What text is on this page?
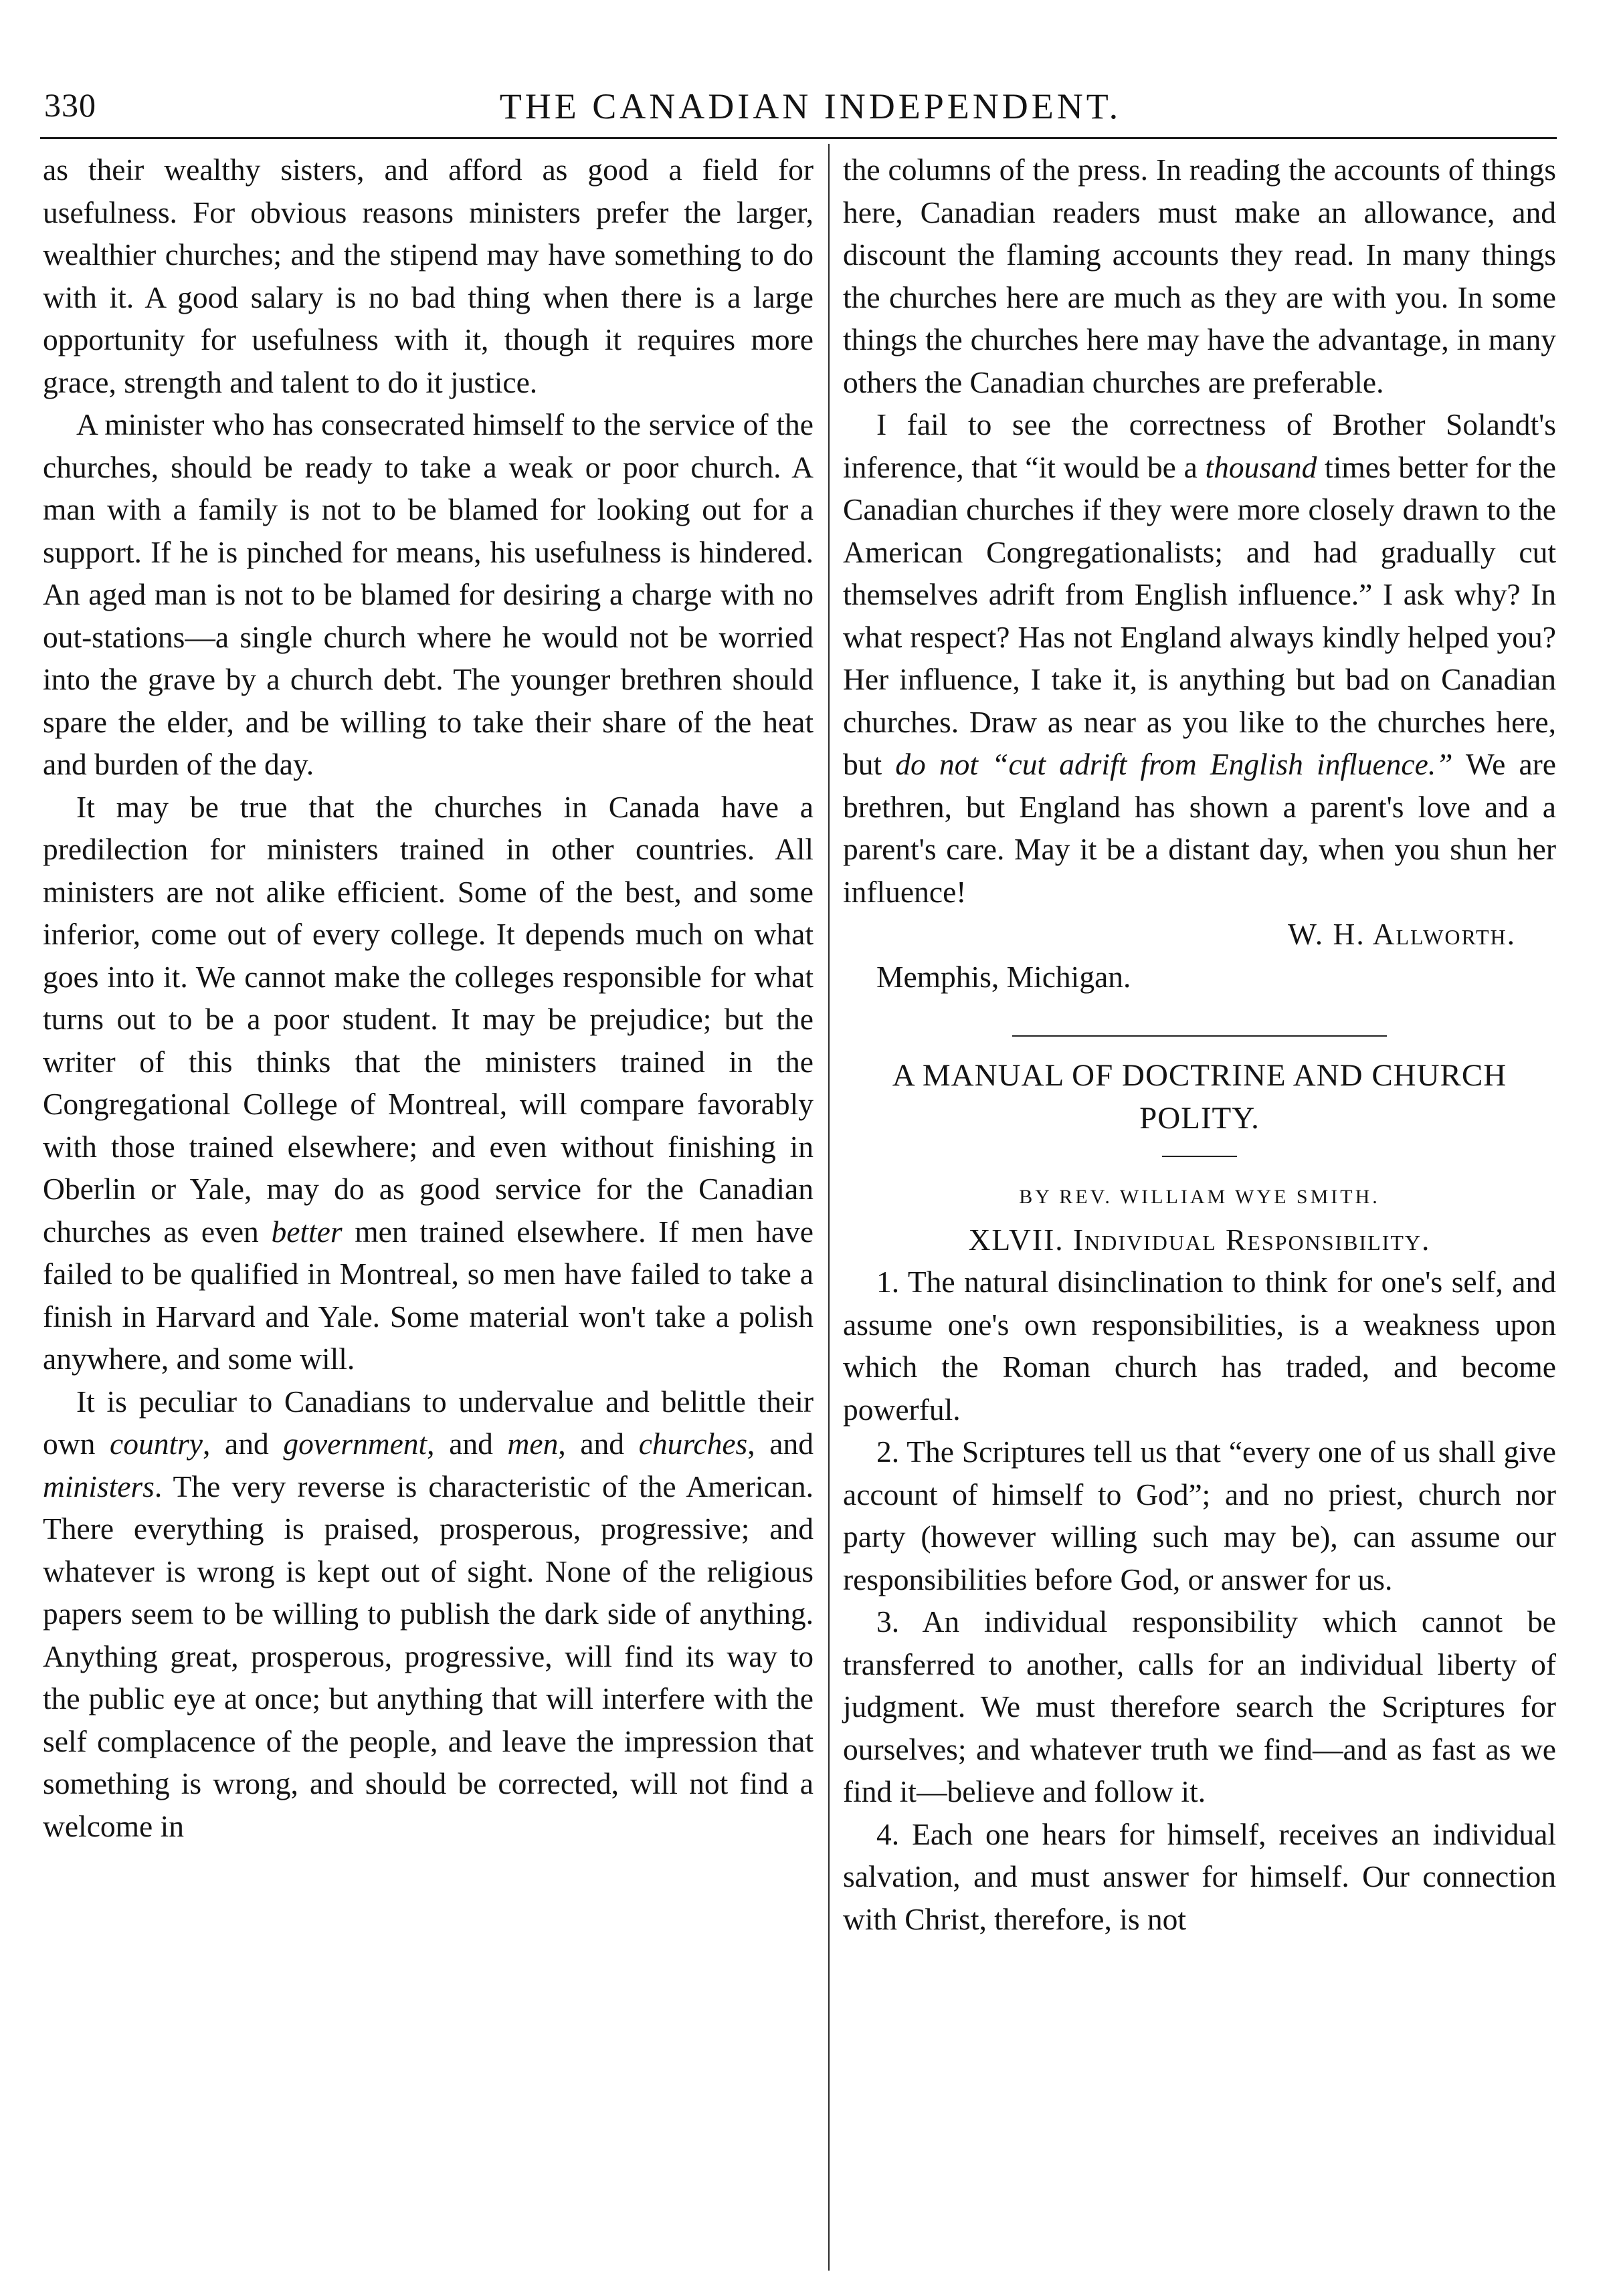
330	THE CANADIAN INDEPENDENT.

as their wealthy sisters, and afford as good a field for usefulness. For obvious reasons ministers prefer the larger, wealthier churches; and the stipend may have something to do with it. A good salary is no bad thing when there is a large opportunity for usefulness with it, though it requires more grace, strength and talent to do it justice.

A minister who has consecrated himself to the service of the churches, should be ready to take a weak or poor church. A man with a family is not to be blamed for looking out for a support. If he is pinched for means, his usefulness is hindered. An aged man is not to be blamed for desiring a charge with no out-stations—a single church where he would not be worried into the grave by a church debt. The younger brethren should spare the elder, and be willing to take their share of the heat and burden of the day.

It may be true that the churches in Canada have a predilection for ministers trained in other countries. All ministers are not alike efficient. Some of the best, and some inferior, come out of every college. It depends much on what goes into it. We cannot make the colleges responsible for what turns out to be a poor student. It may be prejudice; but the writer of this thinks that the ministers trained in the Congregational College of Montreal, will compare favorably with those trained elsewhere; and even without finishing in Oberlin or Yale, may do as good service for the Canadian churches as even better men trained elsewhere. If men have failed to be qualified in Montreal, so men have failed to take a finish in Harvard and Yale. Some material won't take a polish anywhere, and some will.

It is peculiar to Canadians to undervalue and belittle their own country, and government, and men, and churches, and ministers. The very reverse is characteristic of the American. There everything is praised, prosperous, progressive; and whatever is wrong is kept out of sight. None of the religious papers seem to be willing to publish the dark side of anything. Anything great, prosperous, progressive, will find its way to the public eye at once; but anything that will interfere with the self complacence of the people, and leave the impression that something is wrong, and should be corrected, will not find a welcome in

the columns of the press. In reading the accounts of things here, Canadian readers must make an allowance, and discount the flaming accounts they read. In many things the churches here are much as they are with you. In some things the churches here may have the advantage, in many others the Canadian churches are preferable.

I fail to see the correctness of Brother Solandt's inference, that “it would be a thousand times better for the Canadian churches if they were more closely drawn to the American Congregationalists; and had gradually cut themselves adrift from English influence.” I ask why? In what respect? Has not England always kindly helped you? Her influence, I take it, is anything but bad on Canadian churches. Draw as near as you like to the churches here, but do not “cut adrift from English influence.” We are brethren, but England has shown a parent's love and a parent's care. May it be a distant day, when you shun her influence!

W. H. Allworth.

Memphis, Michigan.

A MANUAL OF DOCTRINE AND CHURCH POLITY.

BY REV. WILLIAM WYE SMITH.

XLVII. Individual Responsibility.

1. The natural disinclination to think for one's self, and assume one's own responsibilities, is a weakness upon which the Roman church has traded, and become powerful.

2. The Scriptures tell us that “every one of us shall give account of himself to God”; and no priest, church nor party (however willing such may be), can assume our responsibilities before God, or answer for us.

3. An individual responsibility which cannot be transferred to another, calls for an individual liberty of judgment. We must therefore search the Scriptures for ourselves; and whatever truth we find—and as fast as we find it—believe and follow it.

4. Each one hears for himself, receives an individual salvation, and must answer for himself. Our connection with Christ, therefore, is not
